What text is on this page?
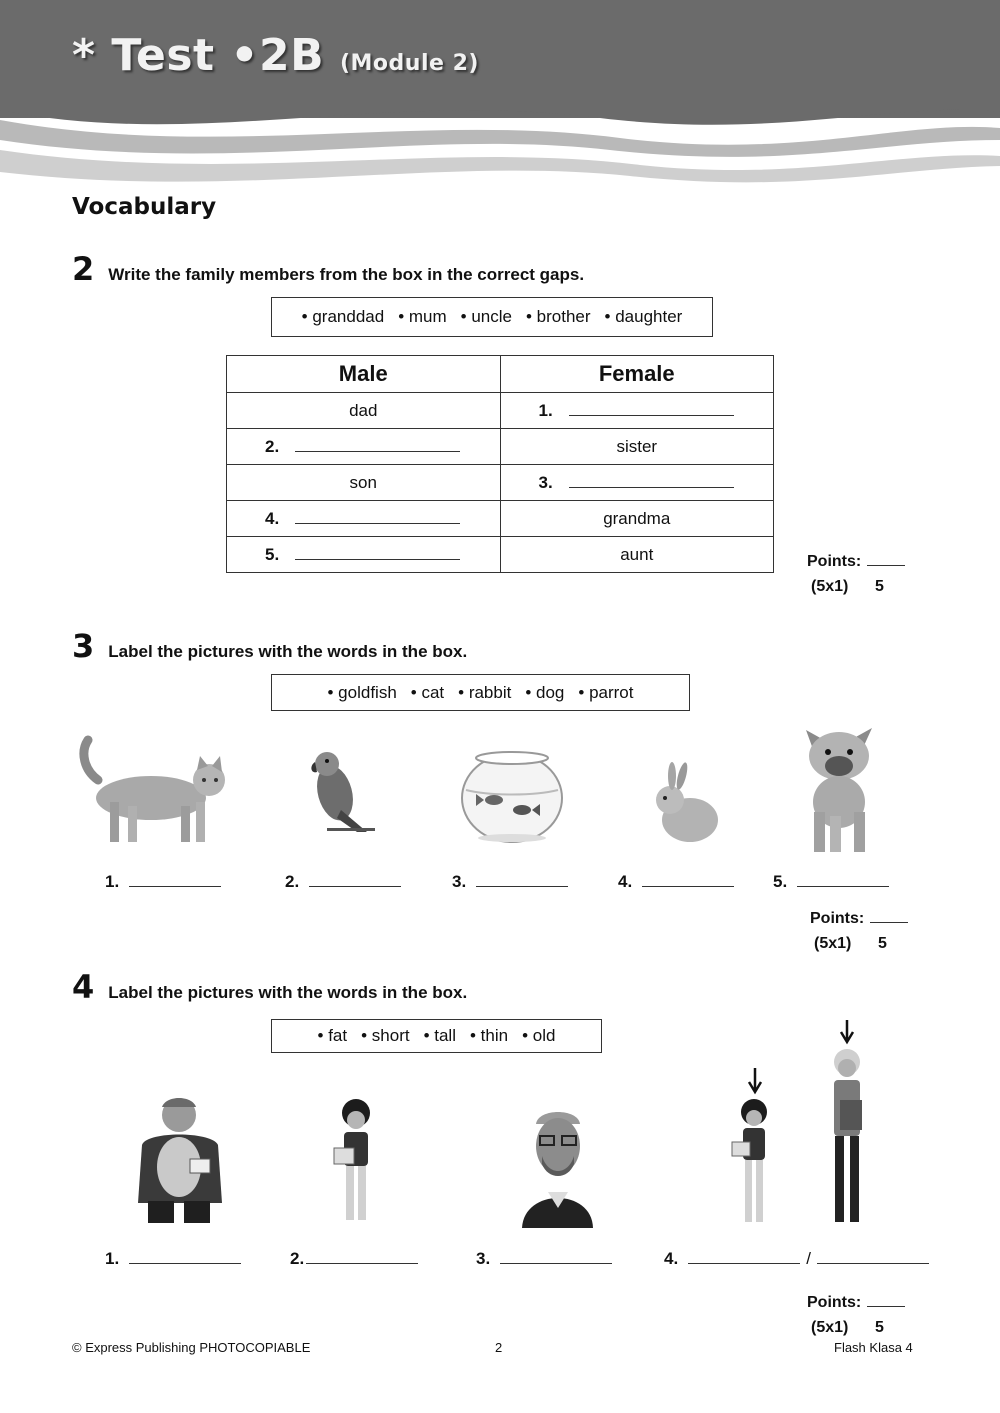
* Test •2B (Module 2)
Vocabulary
2 Write the family members from the box in the correct gaps.
• granddad • mum • uncle • brother • daughter
Male	Female
dad	1.
2.	sister
son	3.
4.	grandma
5.	aunt	Points:
(5x1) 5
3 Label the pictures with the words in the box.
• goldfish • cat • rabbit • dog • parrot
1.	2.	3.	4.	5.
Points:
(5x1) 5
4 Label the pictures with the words in the box.
• fat • short • tall • thin • old
1.	2.	3.	4.	/
Points:
(5x1) 5
© Express Publishing PHOTOCOPIABLE	2	Flash Klasa 4
